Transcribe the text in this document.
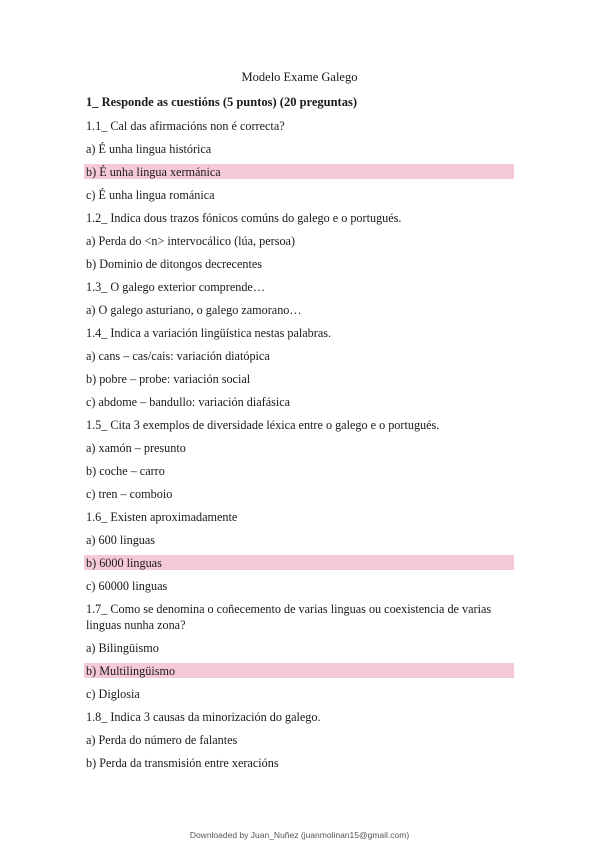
Modelo Exame Galego
1_ Responde as cuestións (5 puntos) (20 preguntas)
1.1_ Cal das afirmacións non é correcta?
a) É unha lingua histórica
b) É unha lingua xermánica
c) É unha lingua románica
1.2_ Indica dous trazos fónicos comúns do galego e o portugués.
a) Perda do <n> intervocálico (lúa, persoa)
b) Dominio de ditongos decrecentes
1.3_ O galego exterior comprende…
a) O galego asturiano, o galego zamorano…
1.4_ Indica a variación lingüística nestas palabras.
a) cans – cas/cais: variación diatópica
b) pobre – probe: variación social
c) abdome – bandullo: variación diafásica
1.5_ Cita 3 exemplos de diversidade léxica entre o galego e o portugués.
a) xamón – presunto
b) coche – carro
c) tren – comboio
1.6_ Existen aproximadamente
a) 600 linguas
b) 6000 linguas
c) 60000 linguas
1.7_ Como se denomina o coñecemento de varias linguas ou coexistencia de varias
linguas nunha zona?
a) Bilingüismo
b) Multilingüismo
c) Diglosia
1.8_ Indica 3 causas da minorización do galego.
a) Perda do número de falantes
b) Perda da transmisión entre xeracións
Downloaded by Juan_Nuñez (juanmolinan15@gmail.com)
